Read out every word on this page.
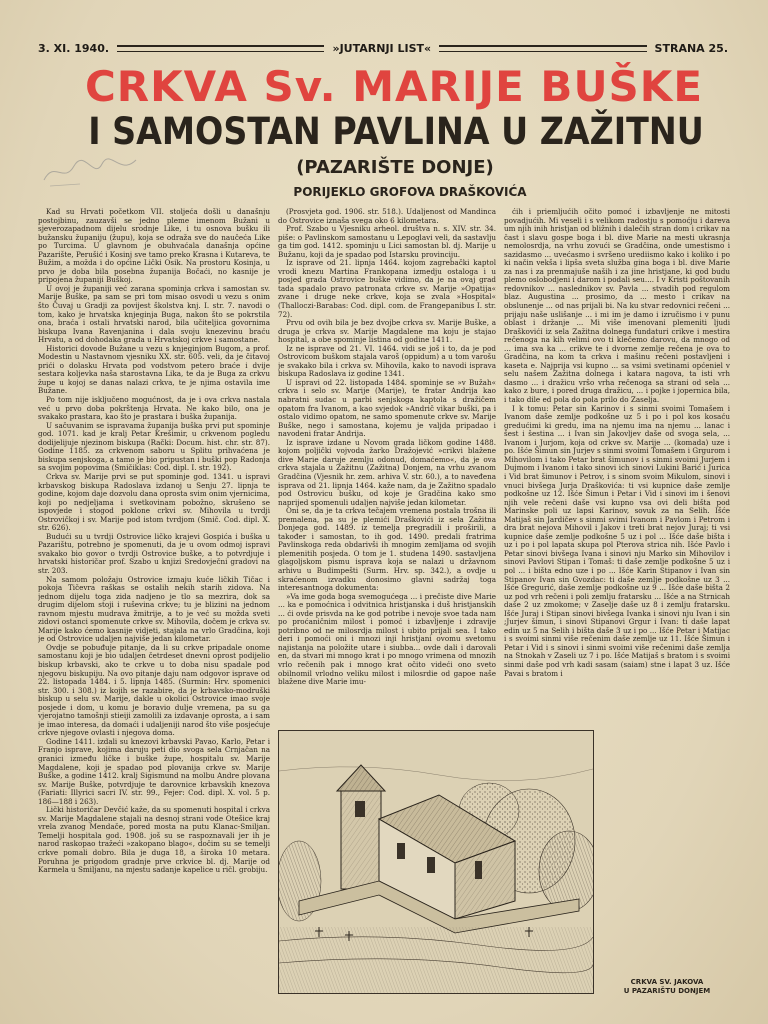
3. XI. 1940.	»JUTARNJI LIST«	STRANA 25.
CRKVA Sv. MARIJE BUŠKE
I SAMOSTAN PAVLINA U ZAŽITNU
(PAZARIŠTE DONJE)
PORIJEKLO GROFOVA DRAŠKOVIĆA

Kad su Hrvati početkom VII. stoljeća došli u današnju postojbinu, zauzavši se jedno pleme imenom Bužani u sjeverozapadnom dijelu srodnje Like, i tu osnova bušku ili bužansku županiju (župu), koja se odraža sve do naučeća Like po Turcima. U glavnom je obuhvaćala današnja općine Pazarište, Perušić i Kosinj sve tamo preko Krasna i Kutareva, te Bužim, a možda i do općine Lički Osik. Na prostoru Kosinja, u prvo je doba bila posebna županija Bočaći, no kasnije je pripojena županiji Buškoj.

U ovoj je županiji već zarana spominja crkva i samostan sv. Marije Buške, pa sam se pri tom misao osvodi u vezu s onim što Čuvaj u Gradji za povijest školstva knj. I. str. 7. navodi o tom, kako je hrvatska knjeginja Buga, nakon što se pokrstila ona, braća i ostali hrvatski narod, bila učiteljica govornima biskupa Ivana Ravenjanina i dala svoju knezevinu braću Hrvatu, a od dohodaka grada u Hrvatskoj crkve i samostane.

Historici dovode Bužane u vezu s knjeginjom Bugom, a prof. Modestin u Nastavnom vjesniku XX. str. 605. veli, da je čitavoj prići o dolasku Hrvata pod vodstvom petero braće i dvije sestara koljevka naša starostavna Lika, te da je Buga za crkvu župe u kojoj se danas nalazi crkva, te je njima ostavila ime Bužane.

Po tom nije isključeno mogućnost, da je i ova crkva nastala već u prvo doba pokrštenja Hrvata. Ne kako bilo, ona je svakako prastara, kao što je prastara i buška županija.

U sačuvanim se ispravama županija buška prvi put spominje god. 1071. kad je kralj Petar Krešimir, u crkvenom pogledu dodijelijuje njezinom biskupa (Rački: Docum. hist. chr. str. 87). Godine 1185. za crkvenom saboru u Splitu prihvaćena je biskupa senjskoga, a tamo je bio pripustan i buški pop Radonja sa svojim popovima (Smičiklas: Cod. dipl. I. str. 192).

Crkva sv. Marije prvi se put spominje god. 1341. u ispravi krbavskog biskupa Radoslava izdanoj u Senju 27. lipnja te godine, kojom daje dozvolu dana oprosta svim onim vjernicima, koji po nedjeljama i svetkovinam pobožno, skrušeno se ispovjede i stogod poklone crkvi sv. Mihovila u tvrdji Ostrovičkoj i sv. Marije pod istom tvrdjom (Smič. Cod. dipl. X. str. 626).

Budući su u tvrdji Ostrovice ličko krajevi Gospića i buška u Pazarištu, potrebno je spomenuti, da je u ovom odmoj ispravi svakako bio govor o tvrdji Ostrovice buške, a to potvrdjuje i hrvatski historičar prof. Szabo u knjizi Sredovječni gradovi na str. 203.

Na samom položaju Ostrovice izmaju kuće ličkih Tičac i pokoja Tičevra raškas se ostalih nekih starih zidova. Na jednom dijelu toga zida nadjeno je tlo sa mezrira, dok sa drugim dijelom stoji i ruševina crkve; tu je blizini na jednom ravnom mjestu mudrava žmitrije, a to je već su možda sveti zidovi ostanci spomenute crkve sv. Mihovila, dočem je crkva sv. Marije kako ćemo kasnije vidjeti, stajala na vrlo Gradčina, koji je od Ostrovice udaljen najviše jedan kilometar.

Ovdje se pobuđuje pitanje, da li su crkve pripadale onome samostanu koji je bio udaljen četrdeset dnevni oprost podijelio biskup krbavski, ako te crkve u to doba nisu spadale pod njegovu biskupiju. Na ovo pitanje daju nam odgovor isprave od 22. listopada 1484. i 5. lipnja 1485. (Surmin: Hrv. spomenici str. 300. i 308.) iz kojih se razabire, da je krbavsko-modruški biskup u selu sv. Marije, dakle u okolici Ostrovice imao svoje posjede i dom, u komu je boravio dulje vremena, pa su ga vjerojatno tamošnji stieiji zamolili za izdavanje oprosta, a i sam je imao interesa, da domaći i udaljeniji narod što više posjećuje crkve njegove ovlasti i njegova doma.

Godine 1411. izdali su knezovi krbavski Pavao, Karlo, Petar i Franjo isprave, kojima daruju peti dio svoga sela Crnjačan na granici između ličke i buške župe, hospitalu sv. Marije Magdalene, koji je spadao pod plovanija crkve sv. Marije Buške, a godine 1412. kralj Sigismund na molbu Andre plovana sv. Marije Buške, potvrdjuje te darovnice krbavskih knezova (Fariati: Illyrici sacri IV. str. 99., Fejer: Cod. dipl. X. vol. 5 p. 186—188 i 263).

Lički historičar Devčić kaže, da su spomenuti hospital i crkva sv. Marije Magdalene stajali na desnoj strani vode Otešice kraj vrela zvanog Mendače, pored mosta na putu Klanac-Smiljan. Temelji hospitala god. 1908. još su se raspoznavali jer ih je narod raskopao tražeći »zakopano blago«, dočim su se temelji crkve pomali dobro. Bila je duga 18, a široka 10 metara. Poruhna je prigodom gradnje prve crkvice bl. dj. Marije od Karmela u Smiljanu, na mjestu sadanje kapelice u ričl. grobiju.

(Prosvjeta god. 1906. str. 518.). Udaljenost od Mandinca do Ostrovice iznaša svega oko 6 kilometara.

Prof. Szabo u Vjesniku arheol. društva n. s. XIV. str. 34. piše: o Pavlinskom samostanu u Lepoglavi veli, da sastavlju ga tim god. 1412. spominju u Lici samostan bl. dj. Marije u Bužanu, koji da je spadao pod Istarsku provinciju.

Iz isprave od 21. lipnja 1464. kojom zagrebački kaptol vrodi knezu Martina Frankopana izmedju ostaloga i u posjed grada Ostrovice buške vidimo, da je na ovaj grad tada spadalo pravo patronata crkve sv. Marije »Opatija« zvane i druge neke crkve, koja se zvala »Hospital« (Thalloczi-Barabas: Cod. dipl. com. de Frangepanibus I. str. 72).

Prvu od ovih bila je bez dvojbe crkva sv. Marije Buške, a druga je crkva sv. Marije Magdalene ma koju je stajao hospital, a obe spominje listina od godine 1411.

Iz ne isprave od 21. VI. 1464. vidi se još i to, da je pod Ostrovicom buškom stajala varoš (oppidum) a u tom varošu je svakako bila i crkva sv. Mihovila, kako to navodi isprava biskupa Radoslava iz godine 1341.

U ispravi od 22. listopada 1484. spominje se »v Bužah« crkva i selo sv. Marije (Marije), te fratar Andrija kao nabratni sudac u parbi senjskoga kaptola s dražičem opatom fra Ivanom, a kao svjedok »Andrič vikar buški, pa i ostalo vidimo opatom, ne samo spomenute crkve sv. Marije Buške, nego i samostana, kojemu je valjda pripadao i navodeni fratar Andrija.

Iz isprave izdane u Novom grada ličkom godine 1488. kojom poljički vojvoda žarko Dražojević »crikvi blažene dive Marie daruje zemlju odonud, domaćemo«, da je ova crkva stajala u Zažitnu (Zažitna) Donjem, na vrhu zvanom Gradčina (Vjesnik hr. zem. arhiva V. str. 60.), a to naveđena isprava od 21. lipnja 1464. kaže nam, da je Zažitno spadalo pod Ostrovicu bušku, od koje je Gradčina kako smo naprijed spomenuli udaljen najviše jedan kilometar.

Oni se, da je ta crkva tečajem vremena postala trošna ili premalena, pa su je plemići Draškovići iz sela Zažitna Donjega god. 1489. iz temelja pregradili i proširili, a također i samostan, to ih god. 1490. predali fratrima Pavlinskoga reda obdarivši ih mnogim zemljama od svojih plemenitih posjeda. O tom je 1. studena 1490. sastavljena glagoljskom pismu isprava koja se nalazi u državnom arhivu u Budimpešti (Surm. Hrv. sp. 342.), a ovdje u skraćenom izvadku donosimo glavni sadržaj toga interesantnoga dokumenta:

»Va ime goda boga svemogućega ... i prečiste dive Marie ... ka e pomoćnica i odvitnica hristjanska i duš hristjanskih ... ći ovde prisvda na ke god potribe i nevoje svoe tada nam po proćaničnim milost i pomoć i izbavljenje i zdravije potribno od ne milosrdja milost i ubito prijali sea. I tako deri i pomoći oni i mnozi inji hristjani ovomu svetomu najistanja na položite utare i siubba... ovde dali i darovali en, da stvari mi mnogo krat i po mnogo vrimena od mnozih vrlo rečenih pak i mnogo krat očito videći ono sveto obilnomil vrlodno veliku milost i milosrdie od gapoe naše blažene dive Marie imu-

ćih i priemljućih očito pomoć i izbavljenje ne mitosti povadjućih. Mi veseli i s velikom radostju s pomoćju i dareva um njih inih hristjan od bližnih i dalečih stran dom i crikav na čast i slavu gospe boga i bl. dive Marie na mesti ukrasnja nemolosrdja, na vrhu zovući se Gradčina, onde umestismo i sazidasmo ... uvećasmo i svršeno urediismo kako i koliko i po ki način vekša i lipša sveta služba gina boga i bl. dive Marie za nas i za prenmajuše naših i za jine hristjane, ki god budu plemo oslobodjeni i darom i podali seu.... I v Kristi poštovanih redovnikov ... naslednikov sv. Pavla ... stvadih pod regulom blaz. Augustina ... prosimo, da ... mesto i crikav na obslunenje ... od nas priјali bi. Na ku stvar redovnici rečeni ... prijaju naše uslišanje ... i mi im je damo i izručismo i v punu oblast i držanje ... Mi više imenovani plemeniti ljudi Draškovići iz sela Zažitna dolnega fundaturi crikve i mestira rečenoga na kih velimi ovo ti klečemo darovu, da mnogo od ... ima sva ka ... crikve te i dvorne zemlje rečena je ova to Gradčina, na kom ta crkva i mašinu rečeni postavljeni i kaseta e. Najprija vsi kupno ... sa vsimi svetinami općeniel v selu našem Zažitna dolnega i katara nagova, ta isti vrh dasmo ... i dražicu vršo vrha rečenoga sa strani od sela ... kako z bure, i pored druga dražicu, ... i pojke i jopernica bila, i tako dile ed pola do pola prilo do Zaselja.

I k tomu: Petar sin Karinov i s sinmi svoimi Tomašem i Ivanom daše zemlje podkošne uz 5 i po i pol kos kosaću gredućimi ki gredu, ima na njemu ima na njemu ... lanac i šest i šestina ... i Ivan sin Jakovljev daše od svoga sela, ... Ivanom i Jurjom, koja od crkve sv. Marije ... (komada) uze i po. Išće Šimun sin Jurjev s sinmi svoimi Tomašem i Grgurom i Mihovilom i tako Petar brat šimunov i s sinmi svoimi Jurjem i Dujmom i Ivanom i tako sinovi ich sinovi Lukini Barić i Jurica i Vid brat šimunov i Petrov, i s sinom svoim Mikulom, sinovi i vnuci bivšega Jurja Draškovića: ti vsi kupnice daše zemlje podkošne uz 12. Išće Šimun i Petar i Vid i sinovi im i šenovi njih vele rečeni daše vsi kupno vsa ovi deli bišta pod Marinske poli uz lapsi Karinov, sovuk za na Selih. Išće Matijaš sin Jardičev s sinmi svimi Ivanom i Pavlom i Petrom i dra brat nejova Mihovil i Jakov i treti brat nejov Juraj; ti vsi kupnice daše zemlje podkošne 5 uz i pol ... Išće daše bišta i uz i po i pol lapata skupa pol Pterova strica nih. Išće Pavlo i Petar sinovi bivšega Ivana i sinovi nju Marko sin Mihovilov i sinovi Pavlovi Stipan i Tomaš: ti daše zemlje podkošne 5 uz i pol ... i bišta edno uze i po ... Išće Karin Stipanov i Ivan sin Stipanov Ivan sin Gvozdac: ti daše zemlje podkošne uz 3 ... Išće Gregurić, daše zemlje podkošne uz 9 ... Išće daše bišta 2 uz pod vrh rečeni i poli zemlju fratarsku ... Išće a na Strnicah daše 2 uz zmokome; v Zaselje daše uz 8 i zemlju fratarsku. Išće Juraj i Stipan sinovi bivšega Ivanka i sinovi nju Ivan i sin ;Jurjev šimun, i sinovi Stipanovi Grgur i Ivan: ti daše lapat edin uz 5 na Selih i bišta daše 3 uz i po ... Išće Petar i Matijac i s svoimi sinmi više rečenim daše zemlje uz 11. Išće Šimun i Petar i Vid i s sinovi i sinmi svoimi više rečenimi daše zemlja na Stnokah v Zaseli uz 7 i po. Išće Matijaš s bratom i s svoimi sinmi daše pod vrh kadi sasam (saiam) stne i lapat 3 uz. Išće Pavai s bratom i

CRKVA SV. JAKOVA
U PAZARIŠTU DONJEM
